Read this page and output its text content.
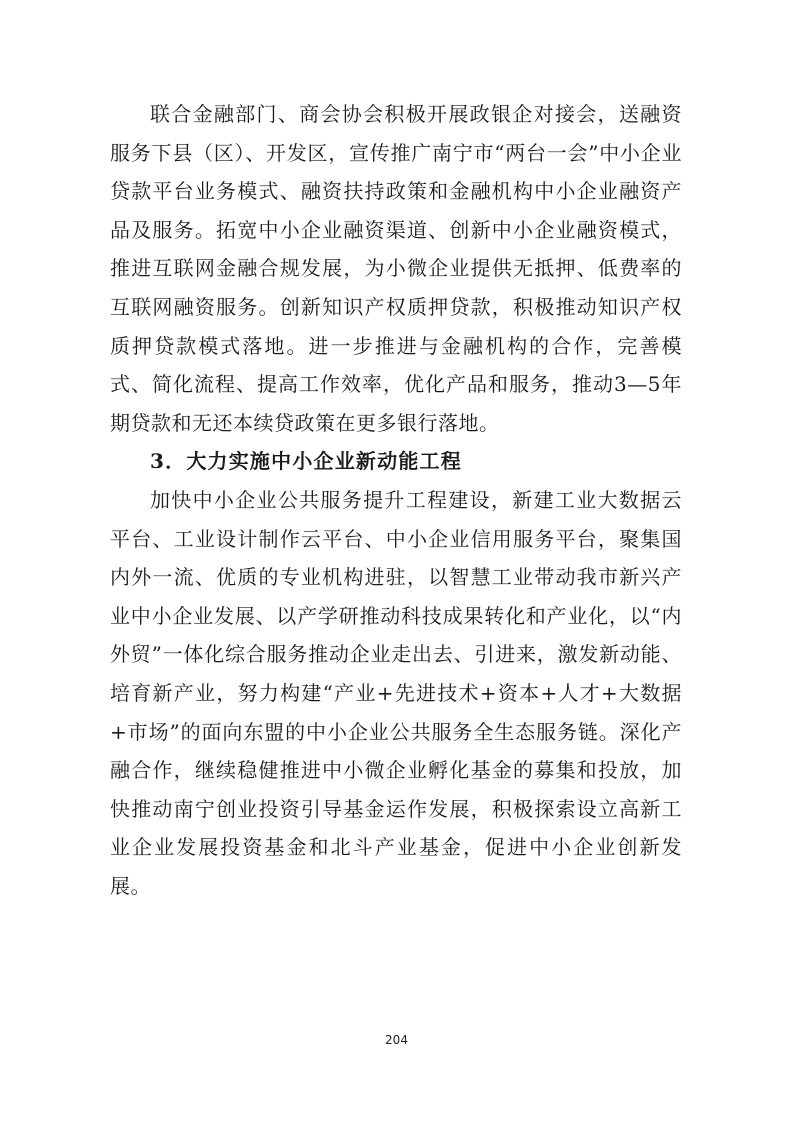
联合金融部门、商会协会积极开展政银企对接会，送融资服务下县（区）、开发区，宣传推广南宁市“两台一会”中小企业贷款平台业务模式、融资扶持政策和金融机构中小企业融资产品及服务。拓宽中小企业融资渠道、创新中小企业融资模式，推进互联网金融合规发展，为小微企业提供无抵押、低费率的互联网融资服务。创新知识产权质押贷款，积极推动知识产权质押贷款模式落地。进一步推进与金融机构的合作，完善模式、简化流程、提高工作效率，优化产品和服务，推动3—5年期贷款和无还本续贷政策在更多银行落地。

3．大力实施中小企业新动能工程

加快中小企业公共服务提升工程建设，新建工业大数据云平台、工业设计制作云平台、中小企业信用服务平台，聚集国内外一流、优质的专业机构进驻，以智慧工业带动我市新兴产业中小企业发展、以产学研推动科技成果转化和产业化，以“内外贸”一体化综合服务推动企业走出去、引进来，激发新动能、培育新产业，努力构建“产业+先进技术+资本+人才+大数据+市场”的面向东盟的中小企业公共服务全生态服务链。深化产融合作，继续稳健推进中小微企业孵化基金的募集和投放，加快推动南宁创业投资引导基金运作发展，积极探索设立高新工业企业发展投资基金和北斗产业基金，促进中小企业创新发展。

204
